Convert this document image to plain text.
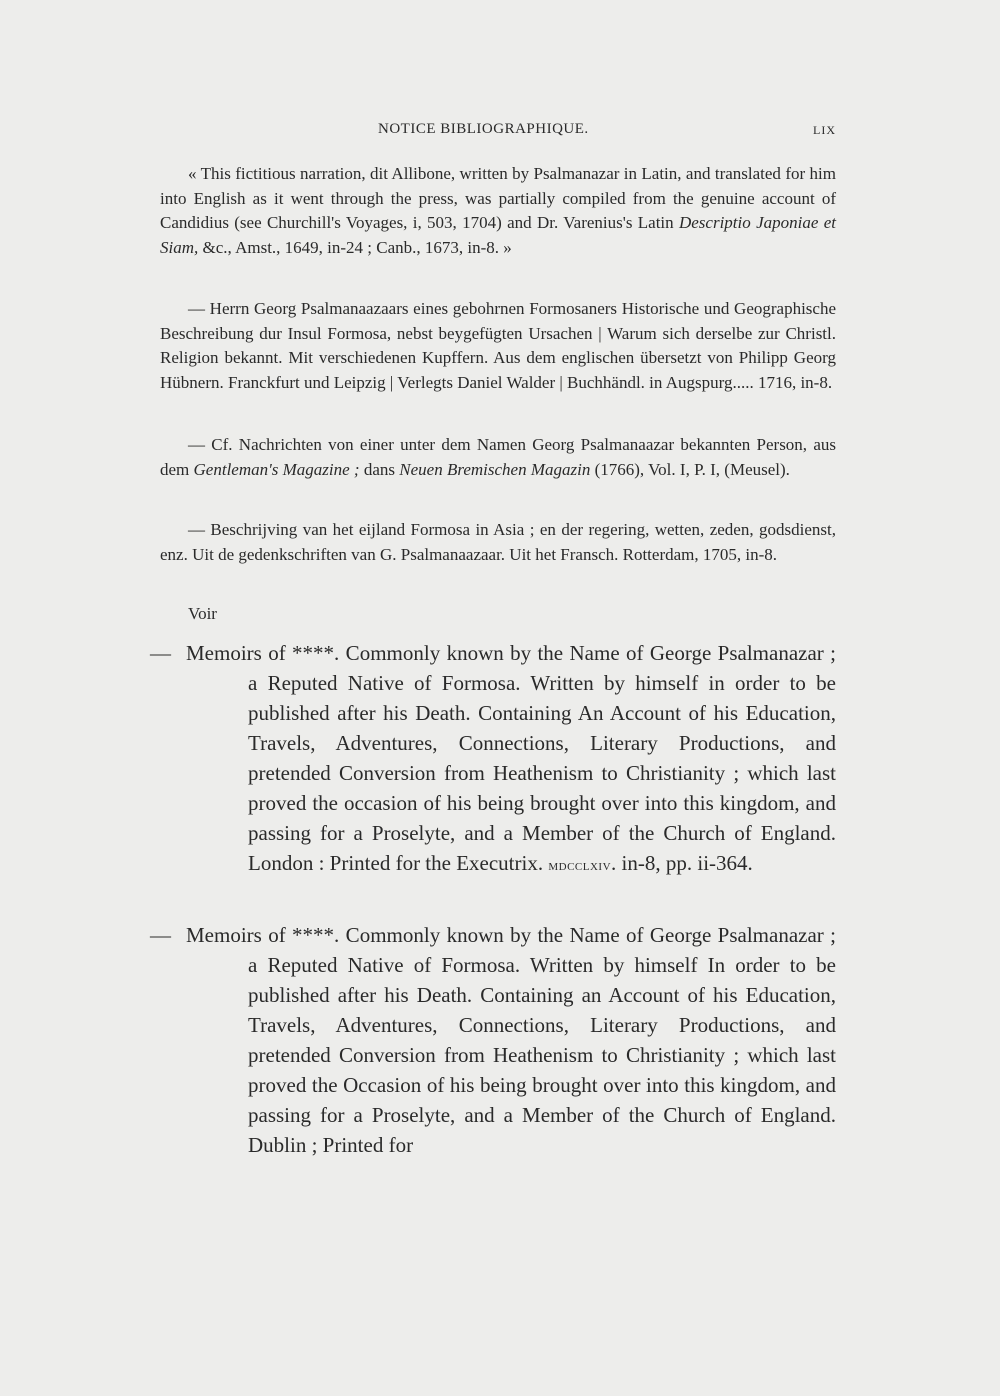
NOTICE BIBLIOGRAPHIQUE.	LIX

« This fictitious narration, dit Allibone, written by Psalmanazar in Latin, and translated for him into English as it went through the press, was partially compiled from the genuine account of Candidius (see Churchill's Voyages, i, 503, 1704) and Dr. Varenius's Latin Descriptio Japoniae et Siam, &c., Amst., 1649, in-24 ; Canb., 1673, in-8. »

— Herrn Georg Psalmanaazaars eines gebohrnen Formosaners Historische und Geographische Beschreibung dur Insul Formosa, nebst beygefügten Ursachen | Warum sich derselbe zur Christl. Religion bekannt. Mit verschiedenen Kupffern. Aus dem englischen übersetzt von Philipp Georg Hübnern. Franckfurt und Leipzig | Verlegts Daniel Walder | Buchhändl. in Augspurg..... 1716, in-8.

— Cf. Nachrichten von einer unter dem Namen Georg Psalmanaazar bekannten Person, aus dem Gentleman's Magazine ; dans Neuen Bremischen Magazin (1766), Vol. I, P. I, (Meusel).

— Beschrijving van het eijland Formosa in Asia ; en der regering, wetten, zeden, godsdienst, enz. Uit de gedenkschriften van G. Psalmanaazaar. Uit het Fransch. Rotterdam, 1705, in-8.

Voir
— Memoirs of ****. Commonly known by the Name of George Psalmanazar ; a Reputed Native of Formosa. Written by himself in order to be published after his Death. Containing An Account of his Education, Travels, Adventures, Connections, Literary Productions, and pretended Conversion from Heathenism to Christianity ; which last proved the occasion of his being brought over into this kingdom, and passing for a Proselyte, and a Member of the Church of England. London : Printed for the Executrix. mdcclxiv. in-8, pp. ii-364.
— Memoirs of ****. Commonly known by the Name of George Psalmanazar ; a Reputed Native of Formosa. Written by himself In order to be published after his Death. Containing an Account of his Education, Travels, Adventures, Connections, Literary Productions, and pretended Conversion from Heathenism to Christianity ; which last proved the Occasion of his being brought over into this kingdom, and passing for a Proselyte, and a Member of the Church of England. Dublin ; Printed for
